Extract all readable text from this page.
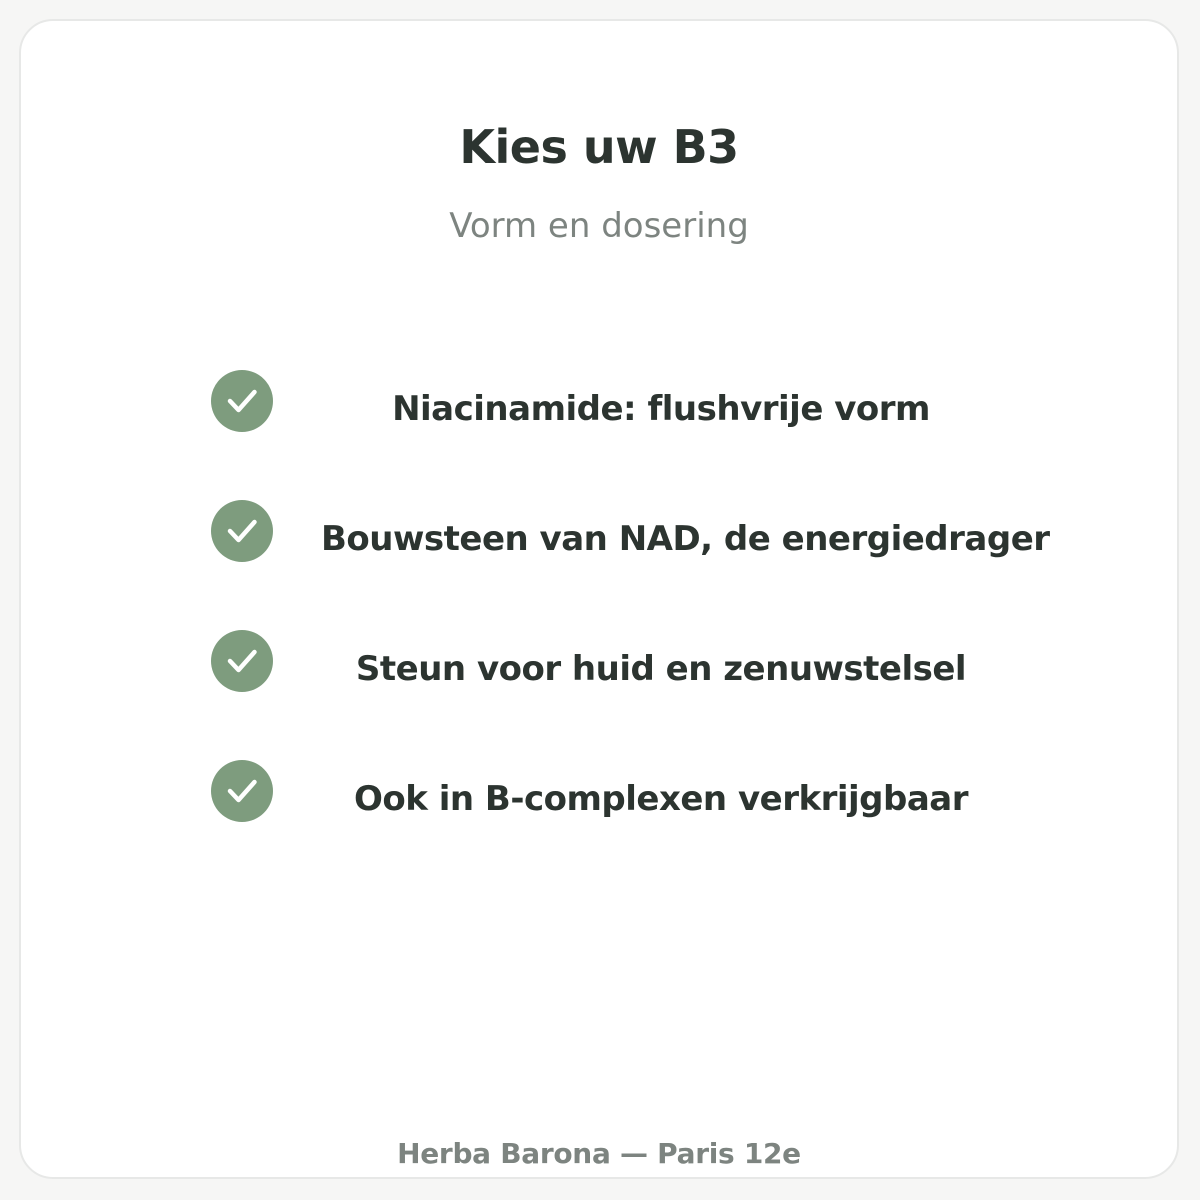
Kies uw B3

Vorm en dosering

Niacinamide: flushvrije vorm
Bouwsteen van NAD, de energiedrager
Steun voor huid en zenuwstelsel
Ook in B-complexen verkrijgbaar

Herba Barona — Paris 12e
